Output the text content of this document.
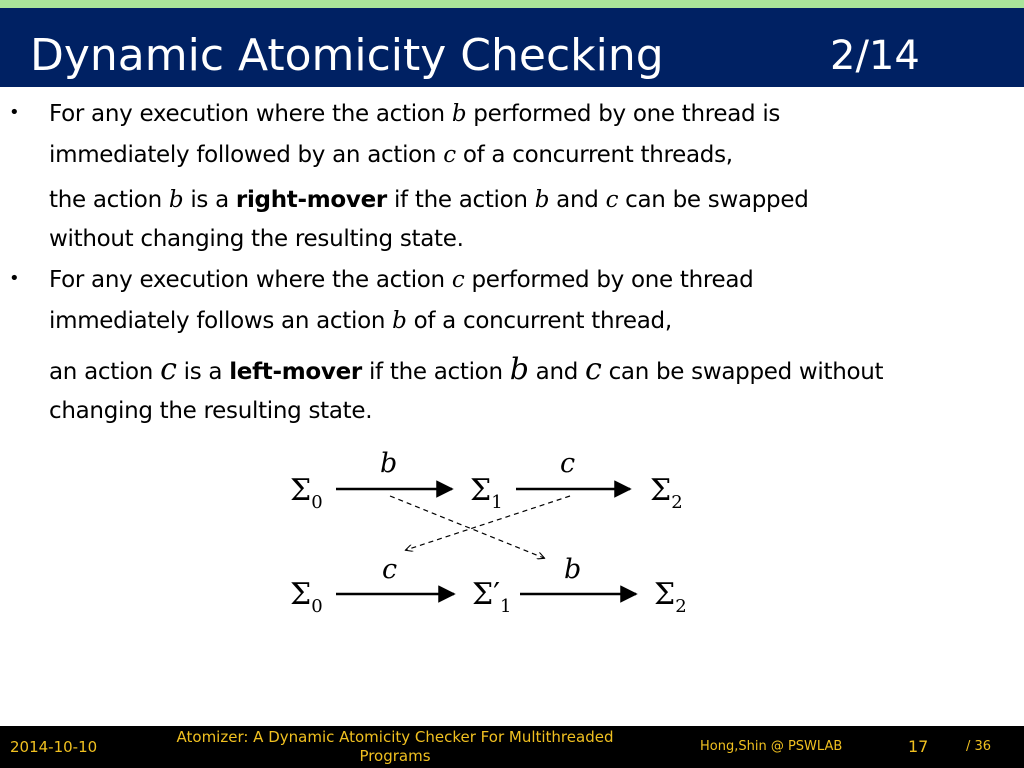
Dynamic Atomicity Checking	2/14
• For any execution where the action b performed by one thread is
immediately followed by an action c of a concurrent threads,
the action b is a right-mover if the action b and c can be swapped
without changing the resulting state.
• For any execution where the action c performed by one thread
immediately follows an action b of a concurrent thread,
an action c is a left-mover if the action b and c can be swapped without
changing the resulting state.
$\Sigma_0$	$\Sigma_1$	$\Sigma_2$
$\Sigma_0$	$\Sigma'_1$	$\Sigma_2$
b	c
c	b
2014-10-10
Atomizer: A Dynamic Atomicity Checker For Multithreaded Programs
Hong,Shin @ PSWLAB	17	/ 36
